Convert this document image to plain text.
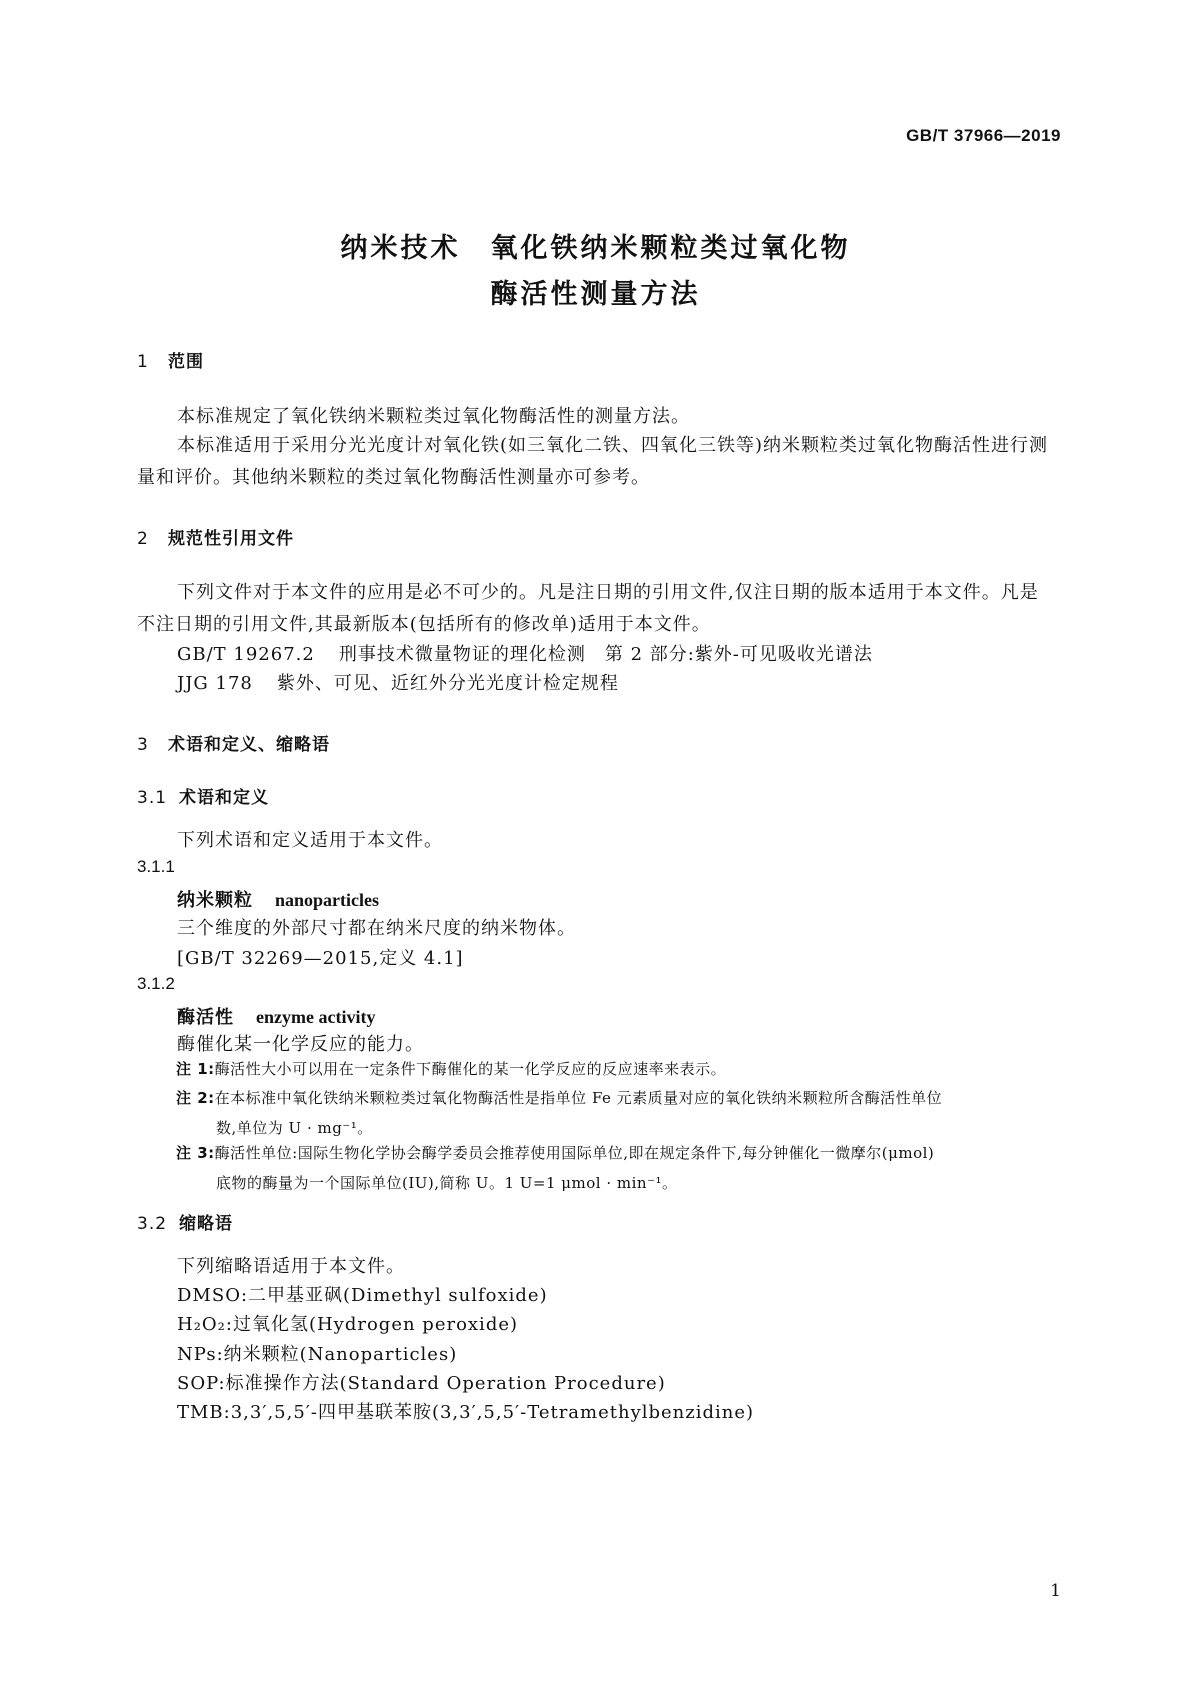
GB/T 37966—2019
纳米技术　氧化铁纳米颗粒类过氧化物
酶活性测量方法
1 范围
本标准规定了氧化铁纳米颗粒类过氧化物酶活性的测量方法。
本标准适用于采用分光光度计对氧化铁(如三氧化二铁、四氧化三铁等)纳米颗粒类过氧化物酶活性进行测量和评价。其他纳米颗粒的类过氧化物酶活性测量亦可参考。
2 规范性引用文件
下列文件对于本文件的应用是必不可少的。凡是注日期的引用文件,仅注日期的版本适用于本文件。凡是不注日期的引用文件,其最新版本(包括所有的修改单)适用于本文件。
GB/T 19267.2 刑事技术微量物证的理化检测　第 2 部分:紫外-可见吸收光谱法
JJG 178 紫外、可见、近红外分光光度计检定规程
3 术语和定义、缩略语
3.1 术语和定义
下列术语和定义适用于本文件。
3.1.1
纳米颗粒 nanoparticles
三个维度的外部尺寸都在纳米尺度的纳米物体。
[GB/T 32269—2015,定义 4.1]
3.1.2
酶活性 enzyme activity
酶催化某一化学反应的能力。
注 1:酶活性大小可以用在一定条件下酶催化的某一化学反应的反应速率来表示。
注 2:在本标准中氧化铁纳米颗粒类过氧化物酶活性是指单位 Fe 元素质量对应的氧化铁纳米颗粒所含酶活性单位
数,单位为 U · mg⁻¹。
注 3:酶活性单位:国际生物化学协会酶学委员会推荐使用国际单位,即在规定条件下,每分钟催化一微摩尔(μmol)
底物的酶量为一个国际单位(IU),简称 U。1 U=1 μmol · min⁻¹。
3.2 缩略语
下列缩略语适用于本文件。
DMSO:二甲基亚砜(Dimethyl sulfoxide)
H₂O₂:过氧化氢(Hydrogen peroxide)
NPs:纳米颗粒(Nanoparticles)
SOP:标准操作方法(Standard Operation Procedure)
TMB:3,3′,5,5′-四甲基联苯胺(3,3′,5,5′-Tetramethylbenzidine)
1
